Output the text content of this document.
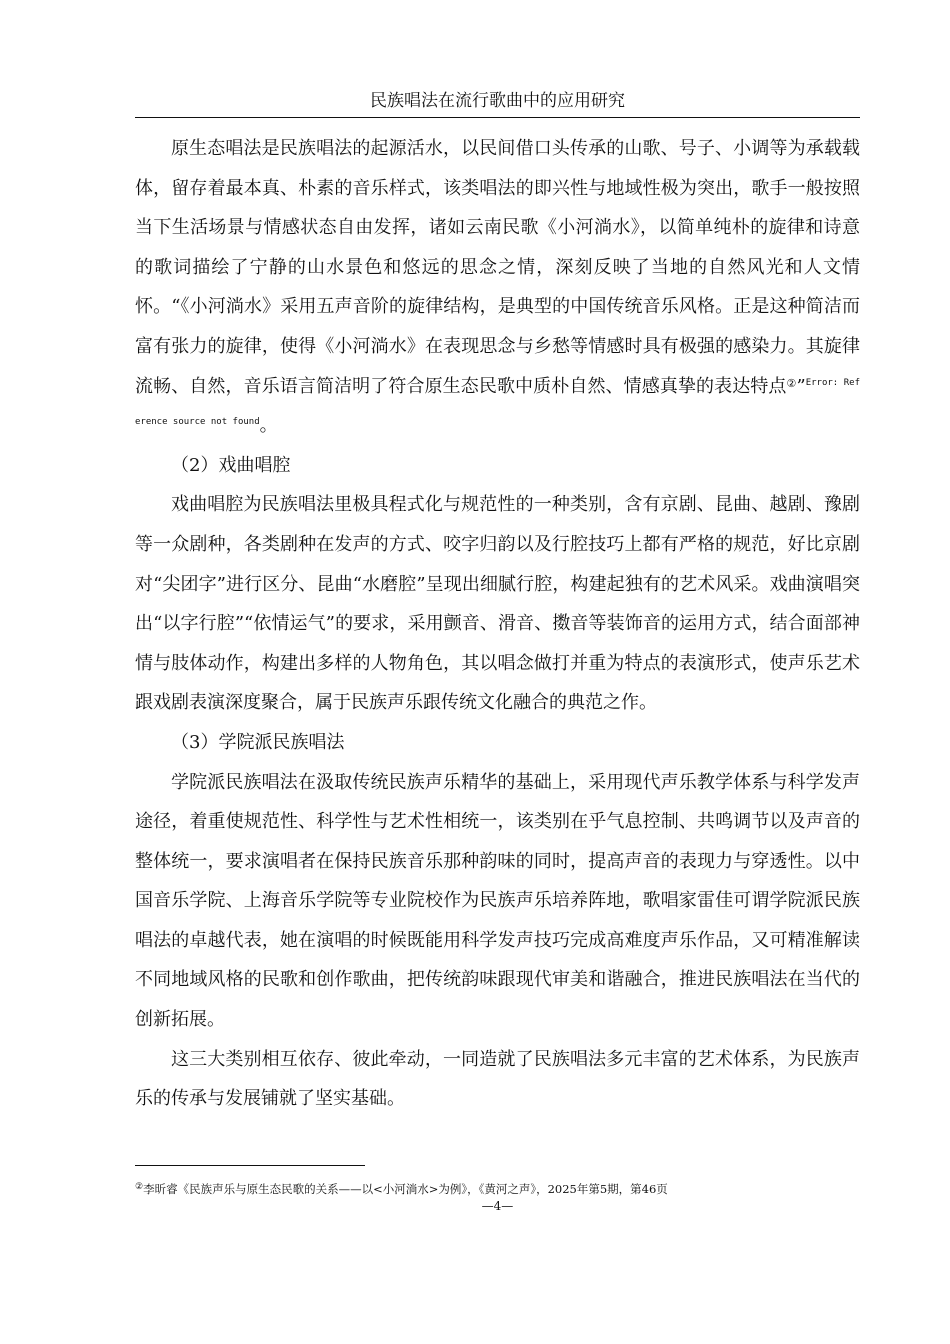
民族唱法在流行歌曲中的应用研究

原生态唱法是民族唱法的起源活水，以民间借口头传承的山歌、号子、小调等为承载载体，留存着最本真、朴素的音乐样式，该类唱法的即兴性与地域性极为突出，歌手一般按照当下生活场景与情感状态自由发挥，诸如云南民歌《小河淌水》，以简单纯朴的旋律和诗意的歌词描绘了宁静的山水景色和悠远的思念之情，深刻反映了当地的自然风光和人文情怀。“《小河淌水》采用五声音阶的旋律结构，是典型的中国传统音乐风格。正是这种简洁而富有张力的旋律，使得《小河淌水》在表现思念与乡愁等情感时具有极强的感染力。其旋律流畅、自然，音乐语言简洁明了符合原生态民歌中质朴自然、情感真挚的表达特点②”$^{Error: Reference source not found}$。

（2）戏曲唱腔

戏曲唱腔为民族唱法里极具程式化与规范性的一种类别，含有京剧、昆曲、越剧、豫剧等一众剧种，各类剧种在发声的方式、咬字归韵以及行腔技巧上都有严格的规范，好比京剧对“尖团字”进行区分、昆曲“水磨腔”呈现出细腻行腔，构建起独有的艺术风采。戏曲演唱突出“以字行腔”“依情运气”的要求，采用颤音、滑音、擞音等装饰音的运用方式，结合面部神情与肢体动作，构建出多样的人物角色，其以唱念做打并重为特点的表演形式，使声乐艺术跟戏剧表演深度聚合，属于民族声乐跟传统文化融合的典范之作。

（3）学院派民族唱法

学院派民族唱法在汲取传统民族声乐精华的基础上，采用现代声乐教学体系与科学发声途径，着重使规范性、科学性与艺术性相统一，该类别在乎气息控制、共鸣调节以及声音的整体统一，要求演唱者在保持民族音乐那种韵味的同时，提高声音的表现力与穿透性。以中国音乐学院、上海音乐学院等专业院校作为民族声乐培养阵地，歌唱家雷佳可谓学院派民族唱法的卓越代表，她在演唱的时候既能用科学发声技巧完成高难度声乐作品，又可精准解读不同地域风格的民歌和创作歌曲，把传统韵味跟现代审美和谐融合，推进民族唱法在当代的创新拓展。

这三大类别相互依存、彼此牵动，一同造就了民族唱法多元丰富的艺术体系，为民族声乐的传承与发展铺就了坚实基础。

②李昕睿《民族声乐与原生态民歌的关系——以<小河淌水>为例》，《黄河之声》，2025年第5期，第46页
—4—
